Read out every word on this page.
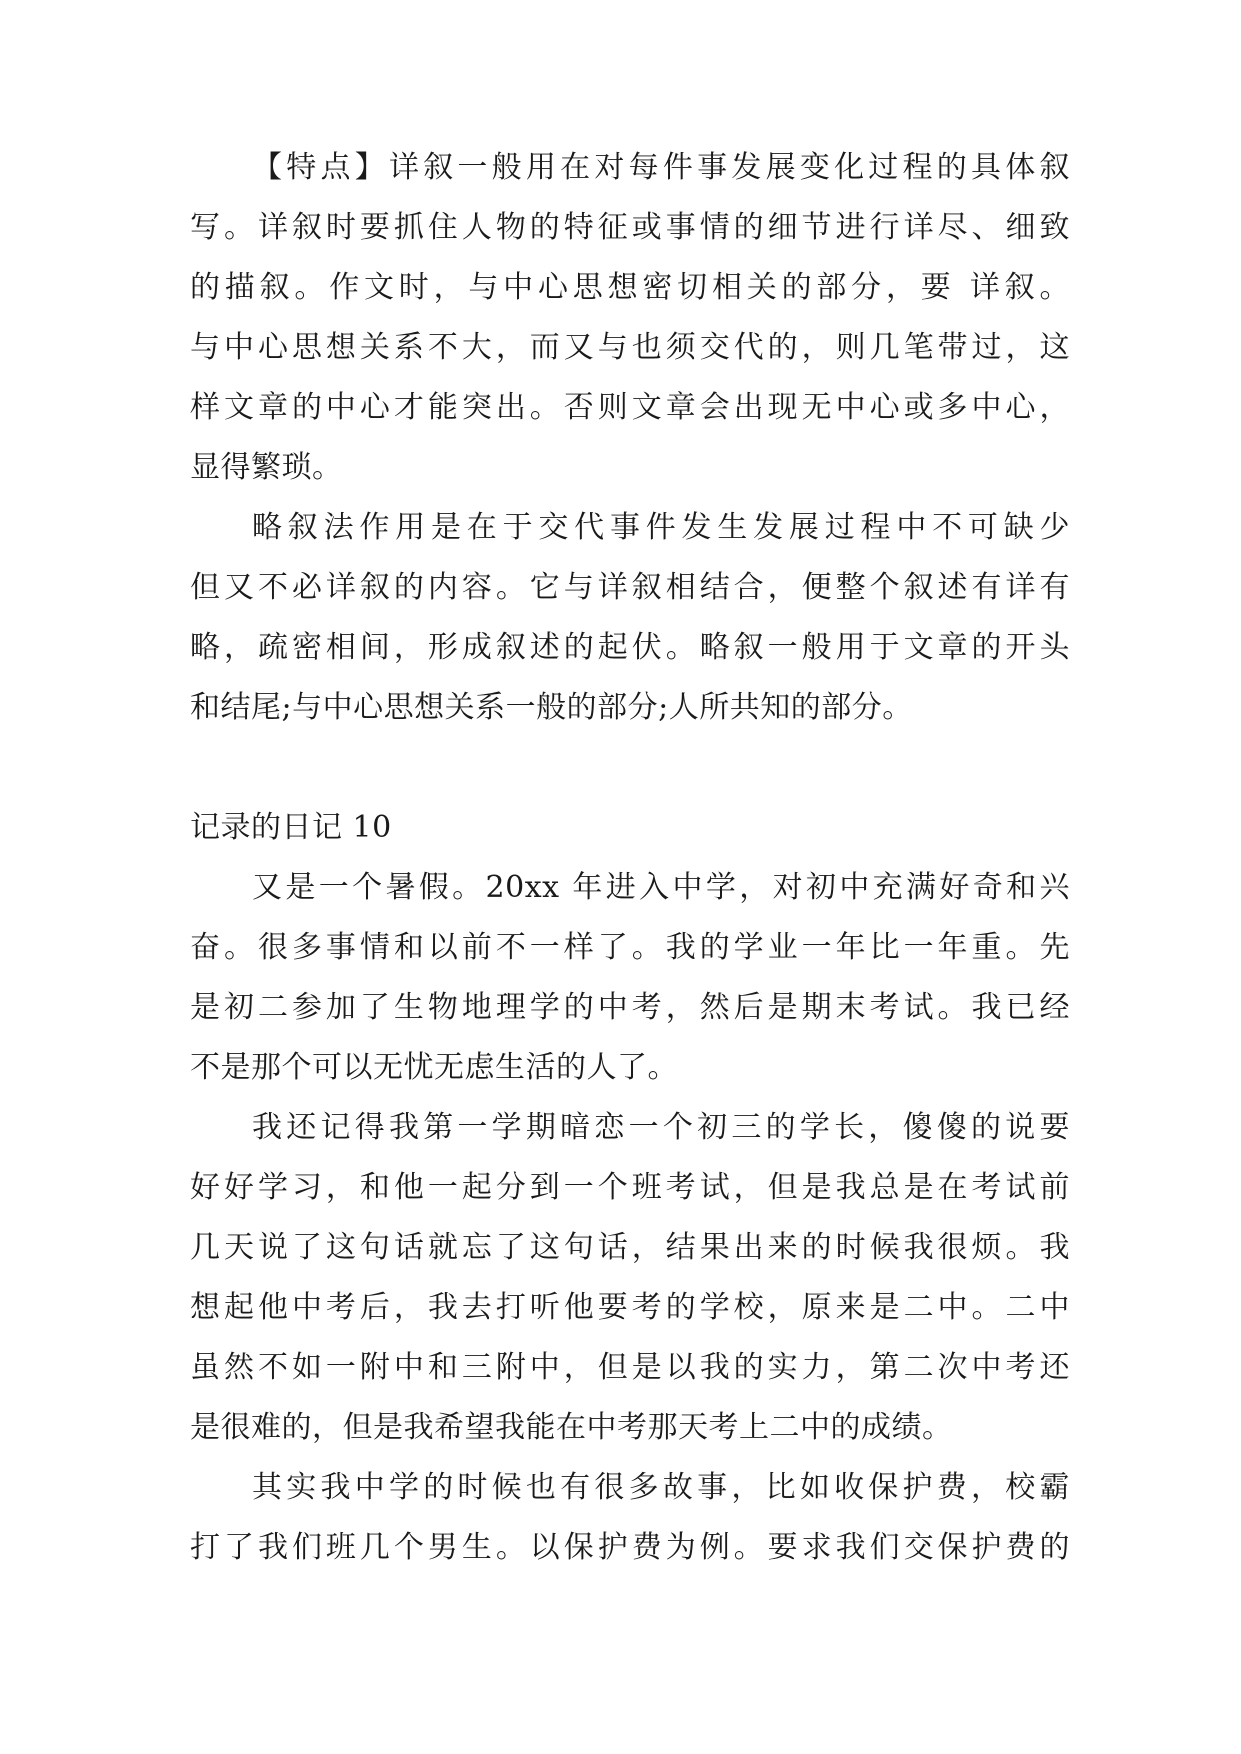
【特点】详叙一般用在对每件事发展变化过程的具体叙
写。详叙时要抓住人物的特征或事情的细节进行详尽、细致
的描叙。作文时，与中心思想密切相关的部分，要 详叙。
与中心思想关系不大，而又与也须交代的，则几笔带过，这
样文章的中心才能突出。否则文章会出现无中心或多中心，
显得繁琐。
略叙法作用是在于交代事件发生发展过程中不可缺少
但又不必详叙的内容。它与详叙相结合，便整个叙述有详有
略，疏密相间，形成叙述的起伏。略叙一般用于文章的开头
和结尾;与中心思想关系一般的部分;人所共知的部分。
记录的日记 10
又是一个暑假。20xx 年进入中学，对初中充满好奇和兴
奋。很多事情和以前不一样了。我的学业一年比一年重。先
是初二参加了生物地理学的中考，然后是期末考试。我已经
不是那个可以无忧无虑生活的人了。
我还记得我第一学期暗恋一个初三的学长，傻傻的说要
好好学习，和他一起分到一个班考试，但是我总是在考试前
几天说了这句话就忘了这句话，结果出来的时候我很烦。我
想起他中考后，我去打听他要考的学校，原来是二中。二中
虽然不如一附中和三附中，但是以我的实力，第二次中考还
是很难的，但是我希望我能在中考那天考上二中的成绩。
其实我中学的时候也有很多故事，比如收保护费，校霸
打了我们班几个男生。以保护费为例。要求我们交保护费的
